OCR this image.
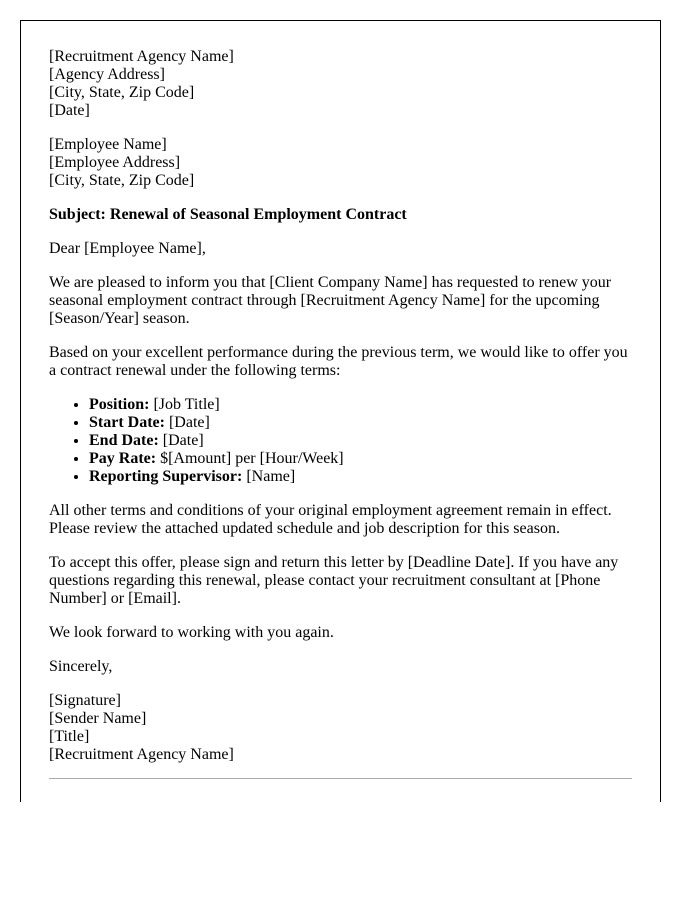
[Recruitment Agency Name]
[Agency Address]
[City, State, Zip Code]
[Date]
[Employee Name]
[Employee Address]
[City, State, Zip Code]
Subject: Renewal of Seasonal Employment Contract
Dear [Employee Name],
We are pleased to inform you that [Client Company Name] has requested to renew your seasonal employment contract through [Recruitment Agency Name] for the upcoming [Season/Year] season.
Based on your excellent performance during the previous term, we would like to offer you a contract renewal under the following terms:
• Position: [Job Title]
• Start Date: [Date]
• End Date: [Date]
• Pay Rate: $[Amount] per [Hour/Week]
• Reporting Supervisor: [Name]
All other terms and conditions of your original employment agreement remain in effect. Please review the attached updated schedule and job description for this season.
To accept this offer, please sign and return this letter by [Deadline Date]. If you have any questions regarding this renewal, please contact your recruitment consultant at [Phone Number] or [Email].
We look forward to working with you again.
Sincerely,
[Signature]
[Sender Name]
[Title]
[Recruitment Agency Name]
